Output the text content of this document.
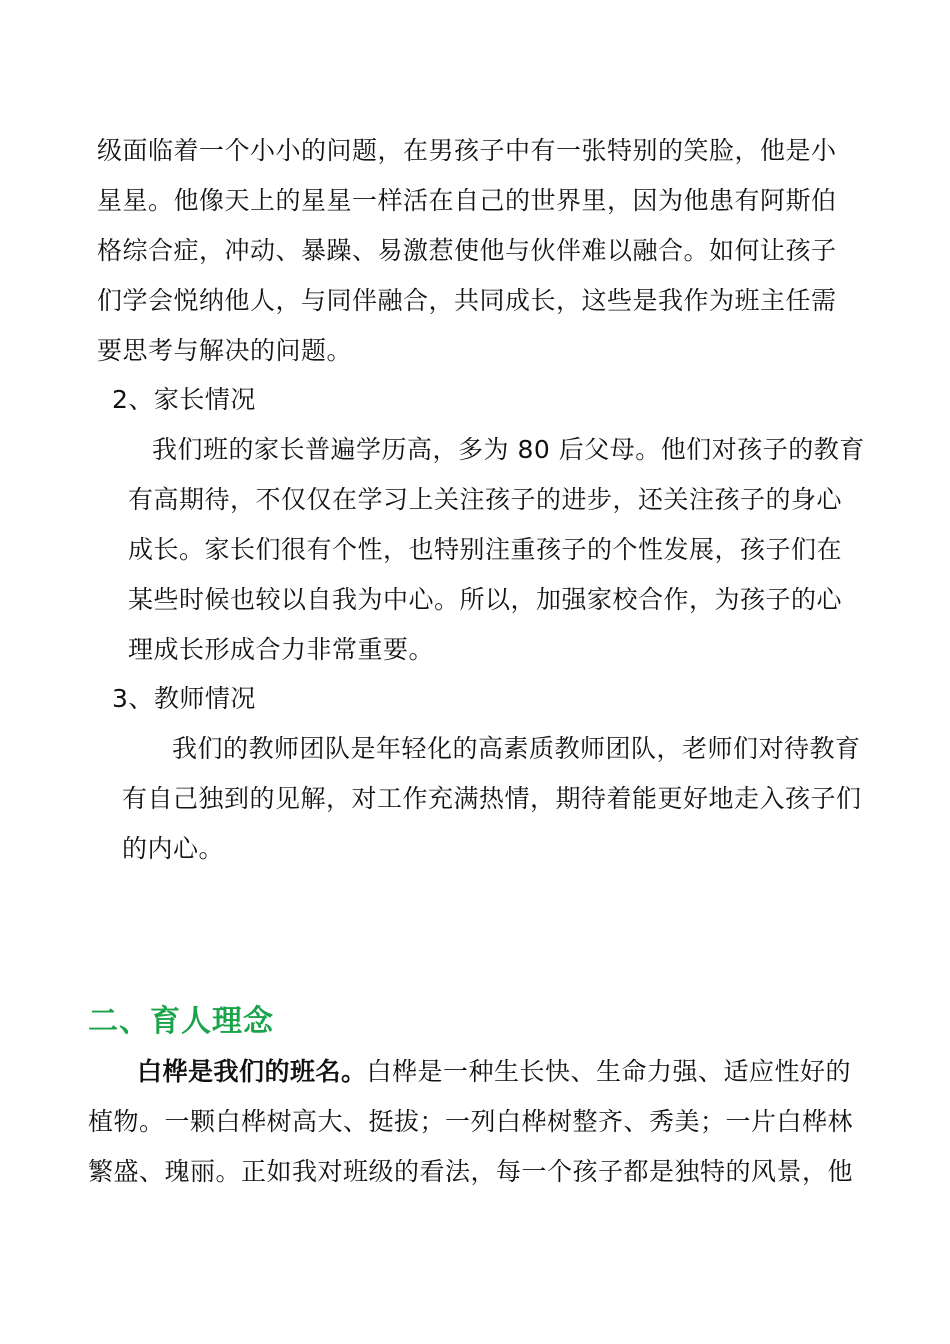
级面临着一个小小的问题，在男孩子中有一张特别的笑脸，他是小
星星。他像天上的星星一样活在自己的世界里，因为他患有阿斯伯
格综合症，冲动、暴躁、易激惹使他与伙伴难以融合。如何让孩子
们学会悦纳他人，与同伴融合，共同成长，这些是我作为班主任需
要思考与解决的问题。
2、家长情况
我们班的家长普遍学历高，多为 80 后父母。他们对孩子的教育
有高期待，不仅仅在学习上关注孩子的进步，还关注孩子的身心
成长。家长们很有个性，也特别注重孩子的个性发展，孩子们在
某些时候也较以自我为中心。所以，加强家校合作，为孩子的心
理成长形成合力非常重要。
3、教师情况
我们的教师团队是年轻化的高素质教师团队，老师们对待教育
有自己独到的见解，对工作充满热情，期待着能更好地走入孩子们
的内心。
二、育人理念
白桦是我们的班名。白桦是一种生长快、生命力强、适应性好的
植物。一颗白桦树高大、挺拔；一列白桦树整齐、秀美；一片白桦林
繁盛、瑰丽。正如我对班级的看法，每一个孩子都是独特的风景，他
